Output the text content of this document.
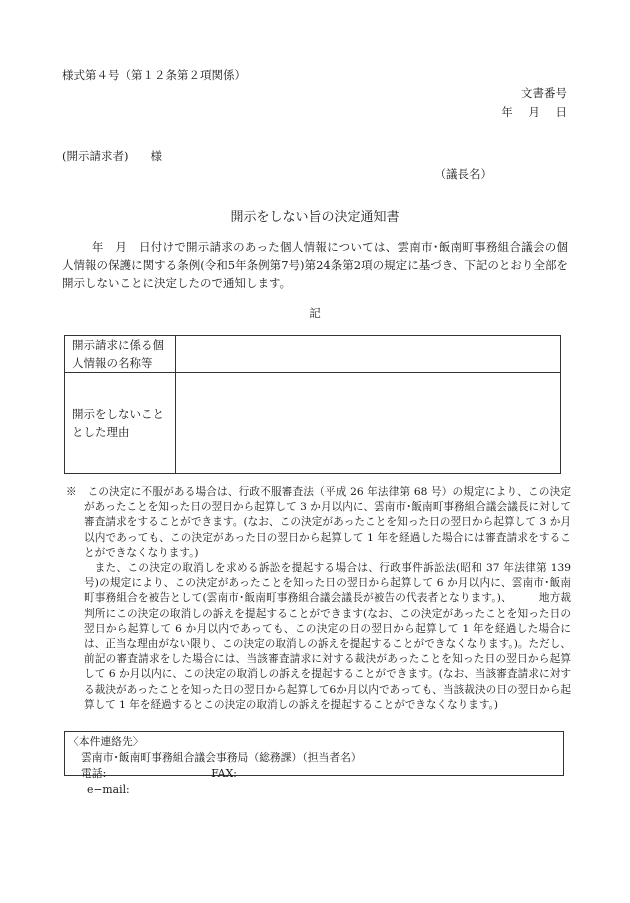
様式第４号（第１２条第２項関係）
文書番号
年 月 日
(開示請求者) 様
（議長名）
開示をしない旨の決定通知書
年　月　日付けで開示請求のあった個人情報については、雲南市･飯南町事務組合議会の個人情報の保護に関する条例(令和5年条例第7号)第24条第2項の規定に基づき、下記のとおり全部を開示しないことに決定したので通知します。
記
開示請求に係る個人情報の名称等	
開示をしないこととした理由	

※　この決定に不服がある場合は、行政不服審査法（平成 26 年法律第 68 号）の規定により、この決定があったことを知った日の翌日から起算して 3 か月以内に、雲南市･飯南町事務組合議会議長に対して審査請求をすることができます。(なお、この決定があったことを知った日の翌日から起算して 3 か月以内であっても、この決定があった日の翌日から起算して 1 年を経過した場合には審査請求をすることができなくなります。)

また、この決定の取消しを求める訴訟を提起する場合は、行政事件訴訟法(昭和 37 年法律第 139 号)の規定により、この決定があったことを知った日の翌日から起算して 6 か月以内に、雲南市･飯南町事務組合を被告として(雲南市･飯南町事務組合議会議長が被告の代表者となります。)、　　　地方裁判所にこの決定の取消しの訴えを提起することができます(なお、この決定があったことを知った日の翌日から起算して 6 か月以内であっても、この決定の日の翌日から起算して 1 年を経過した場合には、正当な理由がない限り、この決定の取消しの訴えを提起することができなくなります。)。ただし、前記の審査請求をした場合には、当該審査請求に対する裁決があったことを知った日の翌日から起算して 6 か月以内に、この決定の取消しの訴えを提起することができます。(なお、当該審査請求に対する裁決があったことを知った日の翌日から起算して6か月以内であっても、当該裁決の日の翌日から起算して 1 年を経過するとこの決定の取消しの訴えを提起することができなくなります。)

〈本件連絡先〉
雲南市･飯南町事務組合議会事務局（総務課）（担当者名）
電話:	FAX:
e−mail:
